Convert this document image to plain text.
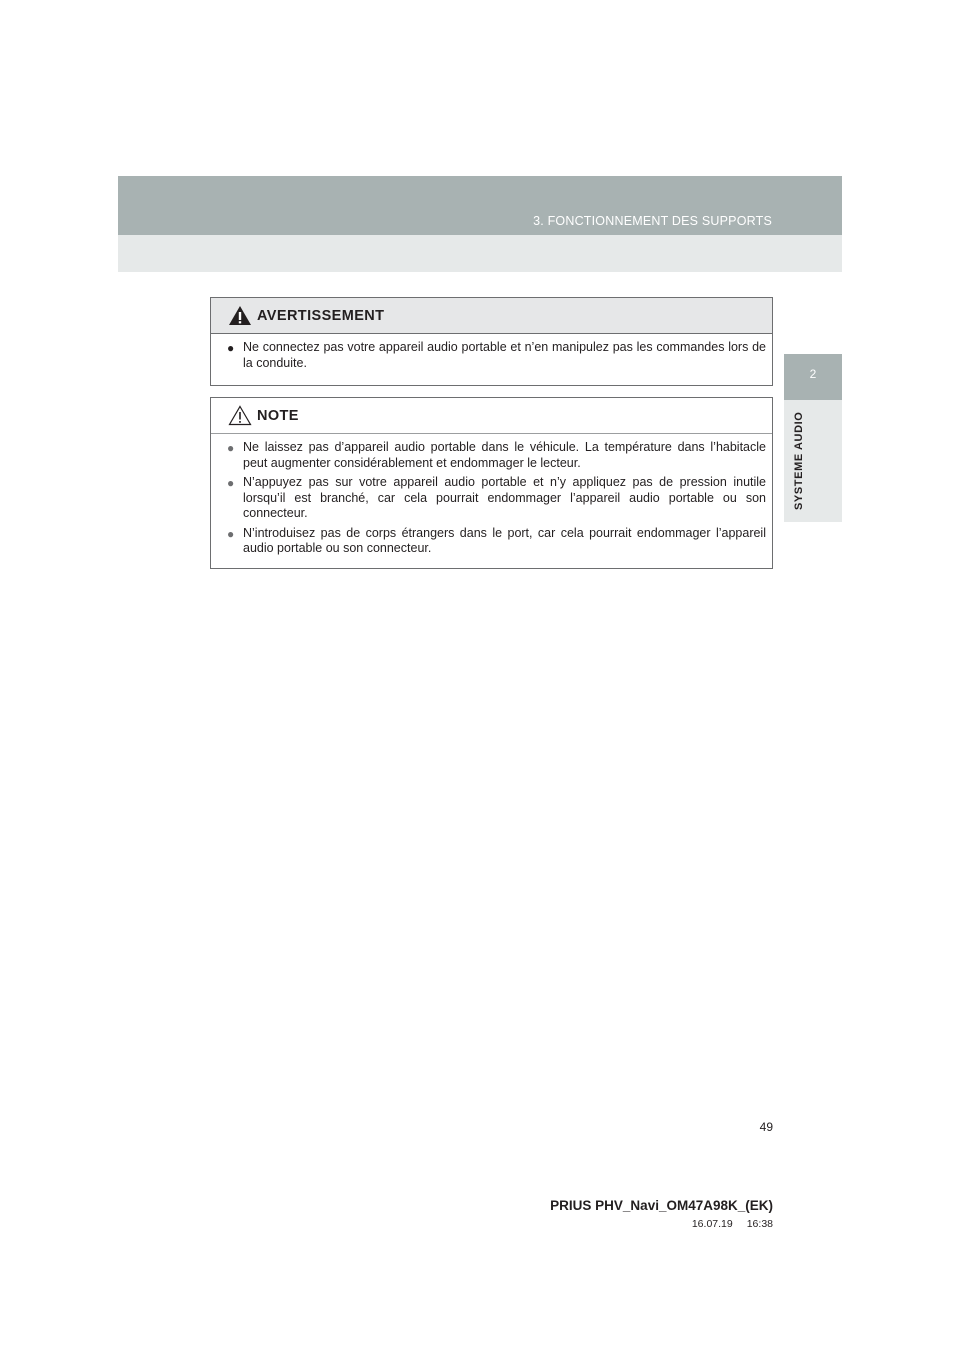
3. FONCTIONNEMENT DES SUPPORTS
2
SYSTEME AUDIO
AVERTISSEMENT
● Ne connectez pas votre appareil audio portable et n’en manipulez pas les commandes lors de la conduite.
NOTE
● Ne laissez pas d’appareil audio portable dans le véhicule. La température dans l’habitacle peut augmenter considérablement et endommager le lecteur.
● N’appuyez pas sur votre appareil audio portable et n’y appliquez pas de pression inutile lorsqu’il est branché, car cela pourrait endommager l’appareil audio portable ou son connecteur.
● N’introduisez pas de corps étrangers dans le port, car cela pourrait endommager l’appareil audio portable ou son connecteur.
49
PRIUS PHV_Navi_OM47A98K_(EK)
16.07.19 16:38
